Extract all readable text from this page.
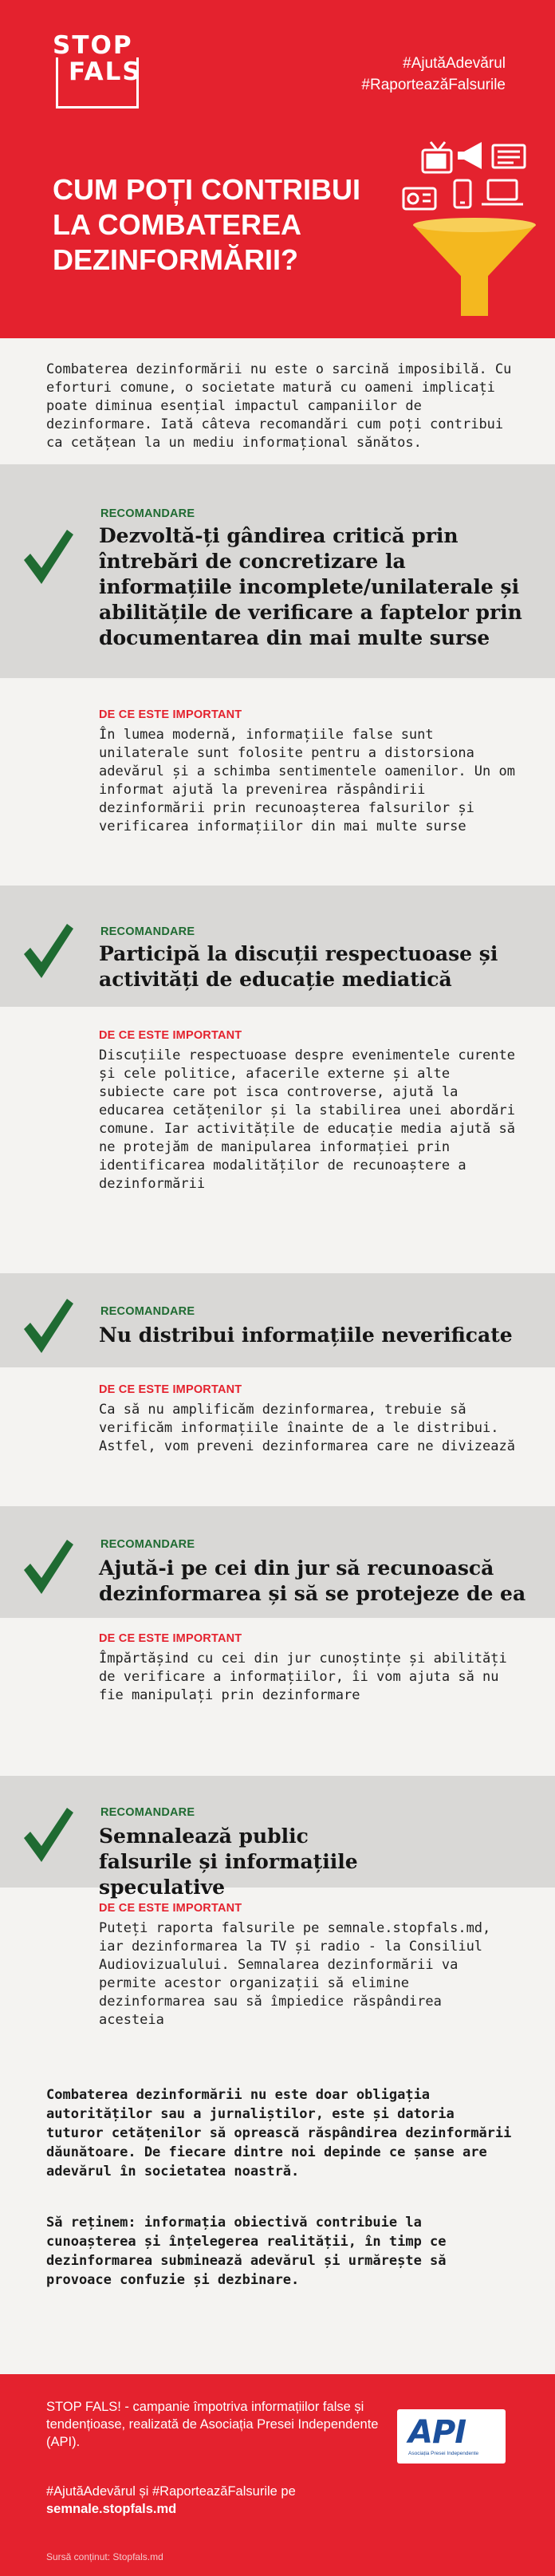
STOP
FALS	#AjutăAdevărul
#RaporteazăFalsurile
CUM POȚI CONTRIBUI
LA COMBATEREA
DEZINFORMĂRII?

Combaterea dezinformării nu este o sarcină imposibilă. Cu eforturi comune, o societate matură cu oameni implicați poate diminua esențial impactul campaniilor de dezinformare. Iată câteva recomandări cum poți contribui ca cetățean la un mediu informațional sănătos.

RECOMANDARE
Dezvoltă-ți gândirea critică prin întrebări de concretizare la informațiile incomplete/unilaterale și abilitățile de verificare a faptelor prin documentarea din mai multe surse
DE CE ESTE IMPORTANT

În lumea modernă, informațiile false sunt unilaterale sunt folosite pentru a distorsiona adevărul și a schimba sentimentele oamenilor. Un om informat ajută la prevenirea răspândirii dezinformării prin recunoașterea falsurilor și verificarea informațiilor din mai multe surse

RECOMANDARE
Participă la discuții respectuoase și activități de educație mediatică
DE CE ESTE IMPORTANT

Discuțiile respectuoase despre evenimentele curente și cele politice, afacerile externe și alte subiecte care pot isca controverse, ajută la educarea cetățenilor și la stabilirea unei abordări comune. Iar activitățile de educație media ajută să ne protejăm de manipularea informației prin identificarea modalităților de recunoaștere a dezinformării

RECOMANDARE
Nu distribui informațiile neverificate
DE CE ESTE IMPORTANT

Ca să nu amplificăm dezinformarea, trebuie să verificăm informațiile înainte de a le distribui. Astfel, vom preveni dezinformarea care ne divizează

RECOMANDARE
Ajută-i pe cei din jur să recunoască dezinformarea și să se protejeze de ea
DE CE ESTE IMPORTANT

Împărtășind cu cei din jur cunoștințe și abilități de verificare a informațiilor, îi vom ajuta să nu fie manipulați prin dezinformare

RECOMANDARE
Semnalează public falsurile și informațiile speculative
DE CE ESTE IMPORTANT

Puteți raporta falsurile pe semnale.stopfals.md, iar dezinformarea la TV și radio - la Consiliul Audiovizualului. Semnalarea dezinformării va permite acestor organizații să elimine dezinformarea sau să împiedice răspândirea acesteia

Combaterea dezinformării nu este doar obligația autorităților sau a jurnaliștilor, este și datoria tuturor cetățenilor să oprească răspândirea dezinformării dăunătoare. De fiecare dintre noi depinde ce șanse are adevărul în societatea noastră.

Să reținem: informația obiectivă contribuie la cunoașterea și înțelegerea realității, în timp ce dezinformarea subminează adevărul și urmărește să provoace confuzie și dezbinare.

STOP FALS! - campanie împotriva informațiilor false și tendențioase, realizată de Asociația Presei Independente (API).	API
Asociația Presei Independente
#AjutăAdevărul și #RaporteazăFalsurile pe
semnale.stopfals.md
Sursă conținut: Stopfals.md
